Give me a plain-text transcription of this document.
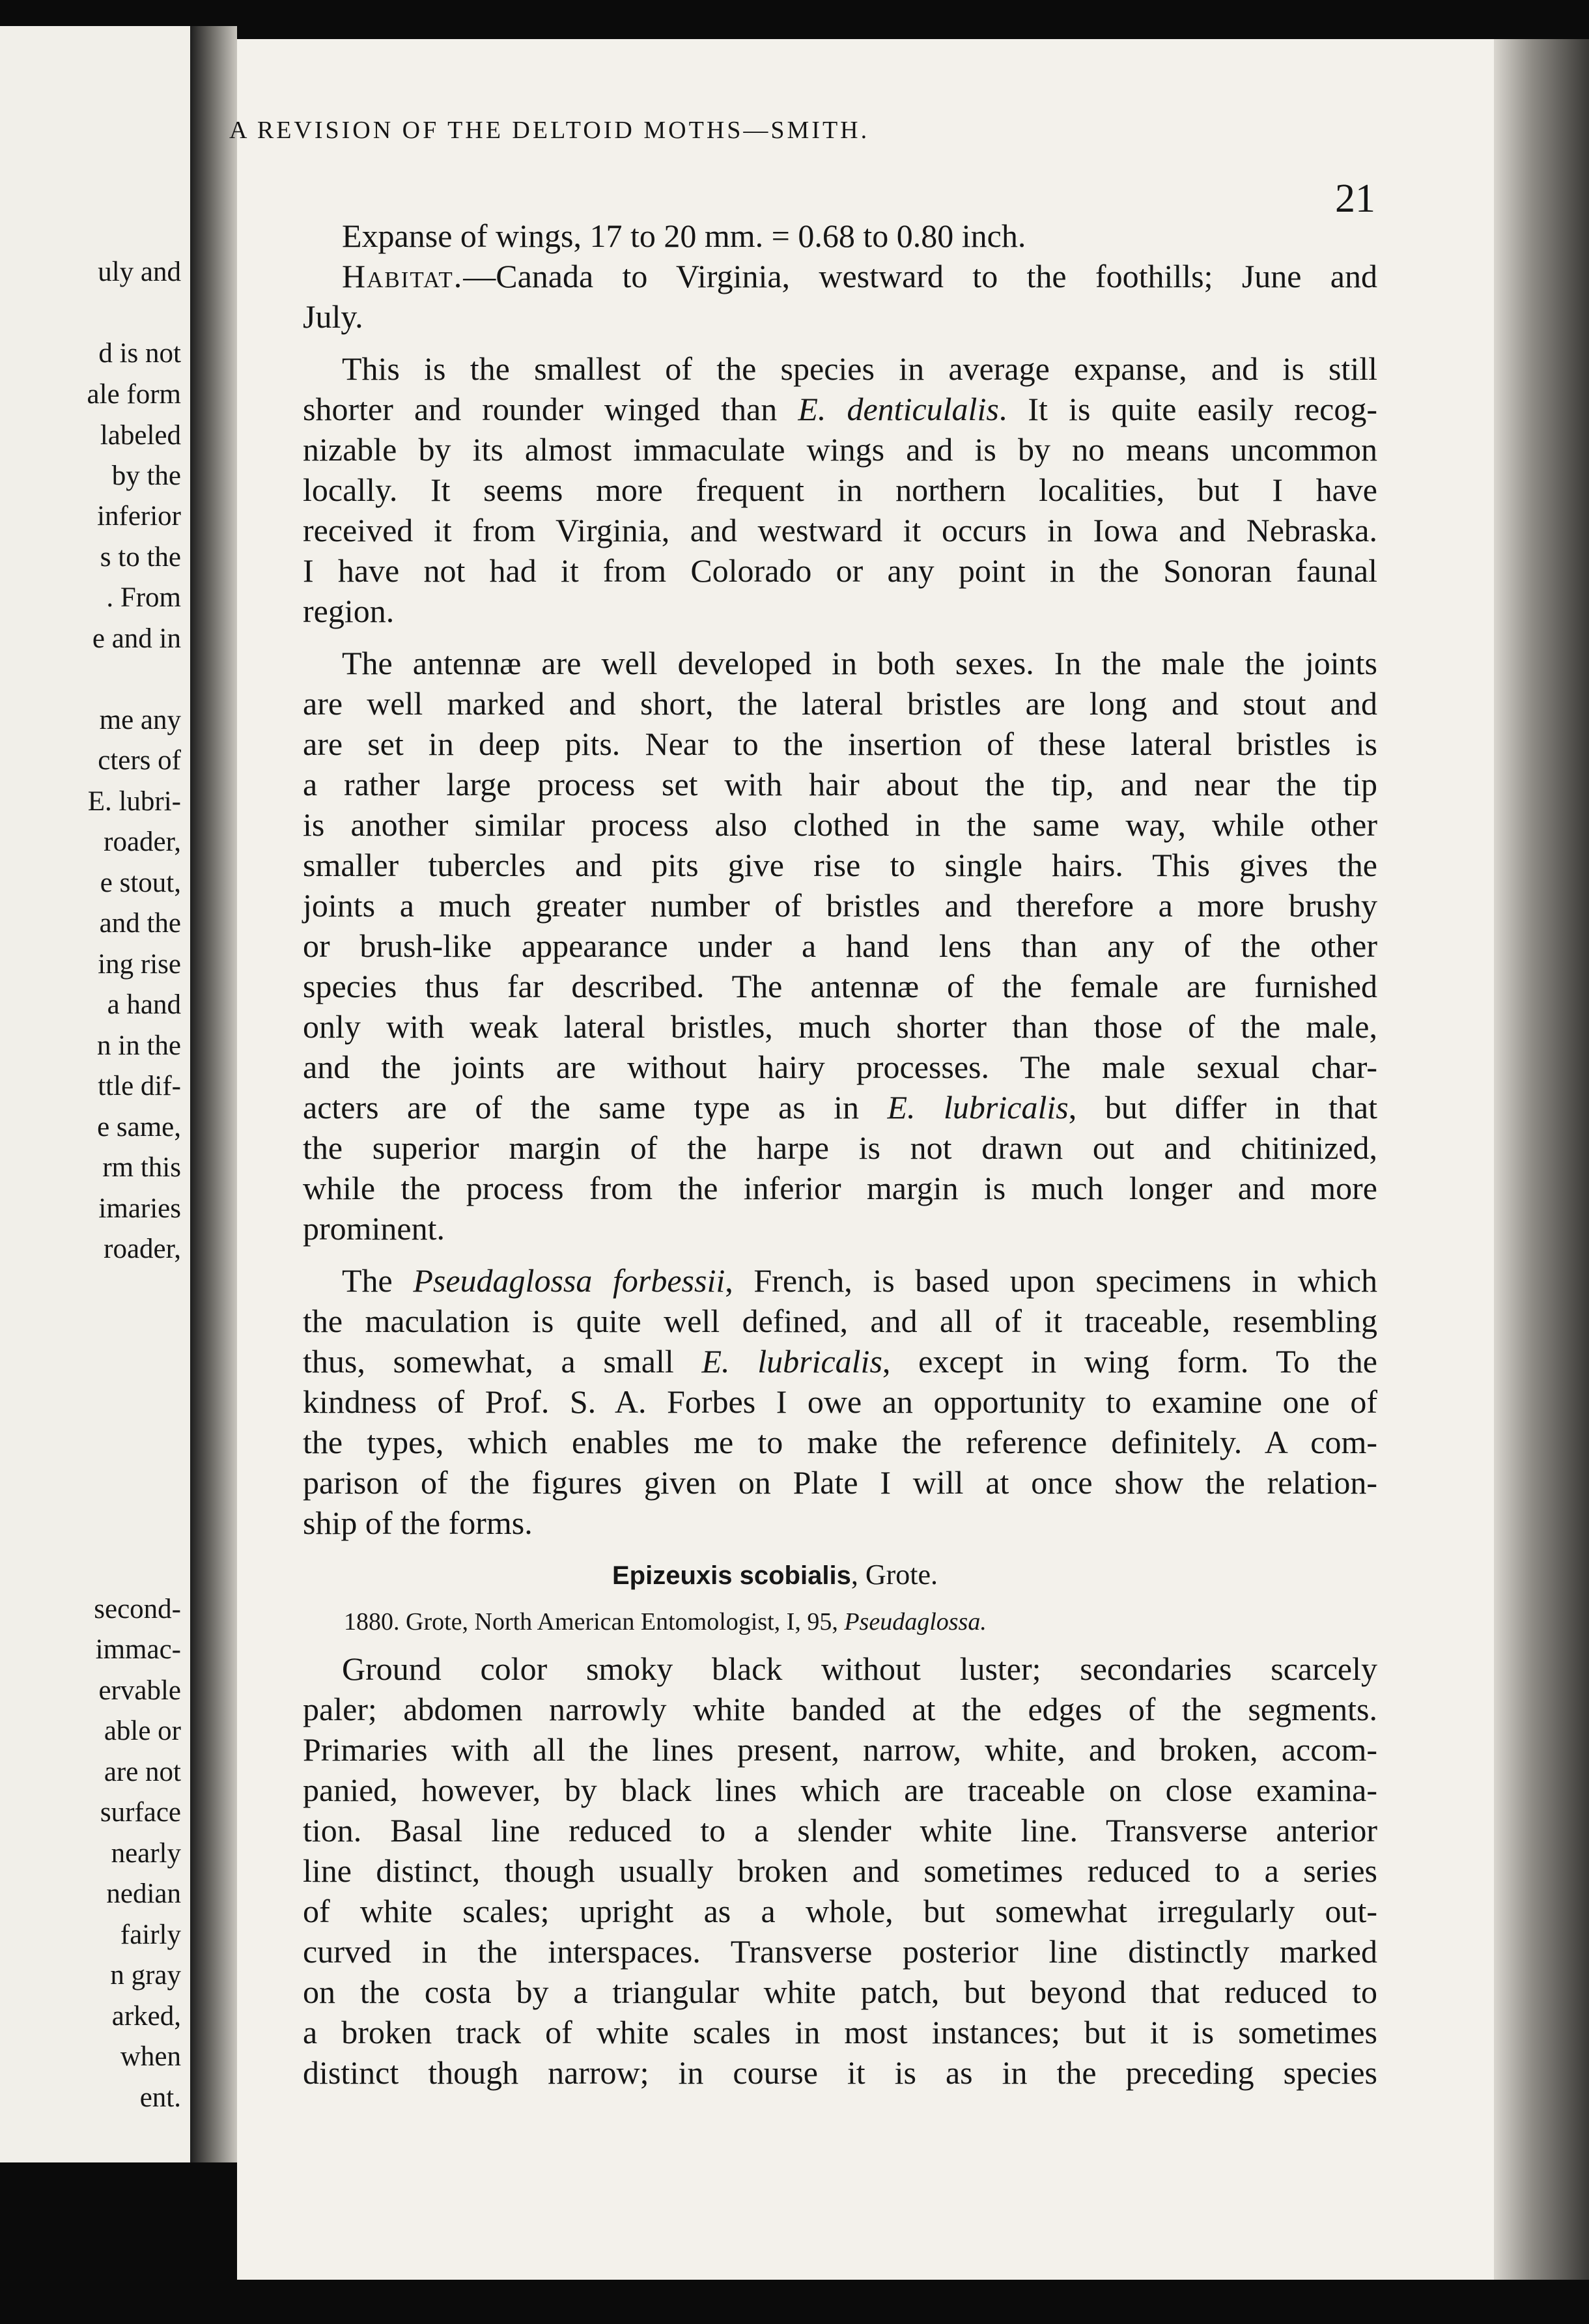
uly and
d is not
ale form
labeled
by the
inferior
s to the
. From
e and in
me any
cters of
E. lubri-
roader,
e stout,
and the
ing rise
a hand
n in the
ttle dif-
e same,
rm this
imaries
roader,
second-
immac-
ervable
able or
are not
surface
nearly
nedian
fairly
n gray
arked,
when
ent.
A REVISION OF THE DELTOID MOTHS—SMITH.
21
Expanse of wings, 17 to 20 mm. = 0.68 to 0.80 inch.
Habitat.—Canada to Virginia, westward to the foothills; June and
July.
This is the smallest of the species in average expanse, and is still
shorter and rounder winged than E. denticulalis. It is quite easily recog-
nizable by its almost immaculate wings and is by no means uncommon
locally. It seems more frequent in northern localities, but I have
received it from Virginia, and westward it occurs in Iowa and Nebraska.
I have not had it from Colorado or any point in the Sonoran faunal
region.
The antennæ are well developed in both sexes. In the male the joints
are well marked and short, the lateral bristles are long and stout and
are set in deep pits. Near to the insertion of these lateral bristles is
a rather large process set with hair about the tip, and near the tip
is another similar process also clothed in the same way, while other
smaller tubercles and pits give rise to single hairs. This gives the
joints a much greater number of bristles and therefore a more brushy
or brush-like appearance under a hand lens than any of the other
species thus far described. The antennæ of the female are furnished
only with weak lateral bristles, much shorter than those of the male,
and the joints are without hairy processes. The male sexual char-
acters are of the same type as in E. lubricalis, but differ in that
the superior margin of the harpe is not drawn out and chitinized,
while the process from the inferior margin is much longer and more
prominent.
The Pseudaglossa forbessii, French, is based upon specimens in which
the maculation is quite well defined, and all of it traceable, resembling
thus, somewhat, a small E. lubricalis, except in wing form. To the
kindness of Prof. S. A. Forbes I owe an opportunity to examine one of
the types, which enables me to make the reference definitely. A com-
parison of the figures given on Plate I will at once show the relation-
ship of the forms.
Epizeuxis scobialis, Grote.
1880. Grote, North American Entomologist, I, 95, Pseudaglossa.
Ground color smoky black without luster; secondaries scarcely
paler; abdomen narrowly white banded at the edges of the segments.
Primaries with all the lines present, narrow, white, and broken, accom-
panied, however, by black lines which are traceable on close examina-
tion. Basal line reduced to a slender white line. Transverse anterior
line distinct, though usually broken and sometimes reduced to a series
of white scales; upright as a whole, but somewhat irregularly out-
curved in the interspaces. Transverse posterior line distinctly marked
on the costa by a triangular white patch, but beyond that reduced to
a broken track of white scales in most instances; but it is sometimes
distinct though narrow; in course it is as in the preceding species
